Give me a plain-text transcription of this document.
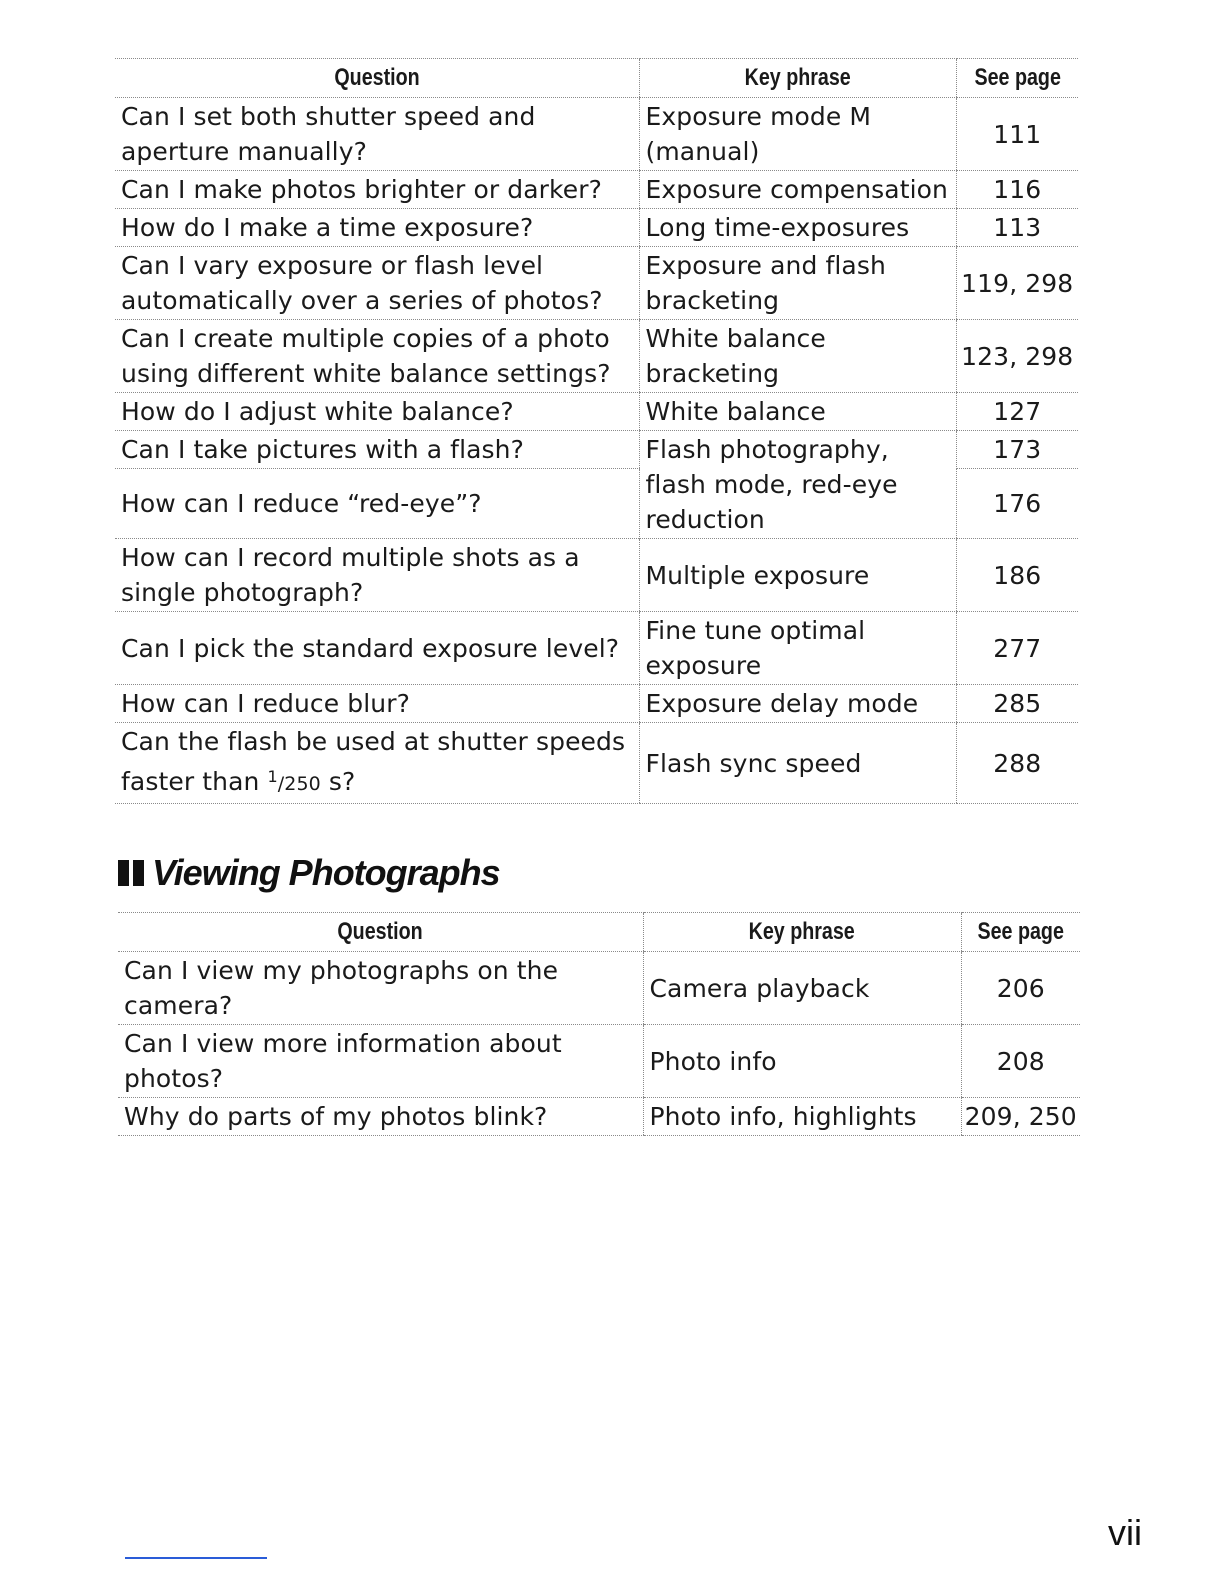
Question	Key phrase	See page
Can I set both shutter speed and aperture manually?	Exposure mode M (manual)	111
Can I make photos brighter or darker?	Exposure compensation	116
How do I make a time exposure?	Long time-exposures	113
Can I vary exposure or flash level automatically over a series of photos?	Exposure and flash bracketing	119, 298
Can I create multiple copies of a photo using different white balance settings?	White balance bracketing	123, 298
How do I adjust white balance?	White balance	127
Can I take pictures with a flash?	Flash photography, flash mode, red-eye reduction	173
How can I reduce “red-eye”?		176
How can I record multiple shots as a single photograph?	Multiple exposure	186
Can I pick the standard exposure level?	Fine tune optimal exposure	277
How can I reduce blur?	Exposure delay mode	285
Can the flash be used at shutter speeds faster than $^1$/250 s?	Flash sync speed	288
Viewing Photographs
Question	Key phrase	See page
Can I view my photographs on the camera?	Camera playback	206
Can I view more information about photos?	Photo info	208
Why do parts of my photos blink?	Photo info, highlights	209, 250
vii
